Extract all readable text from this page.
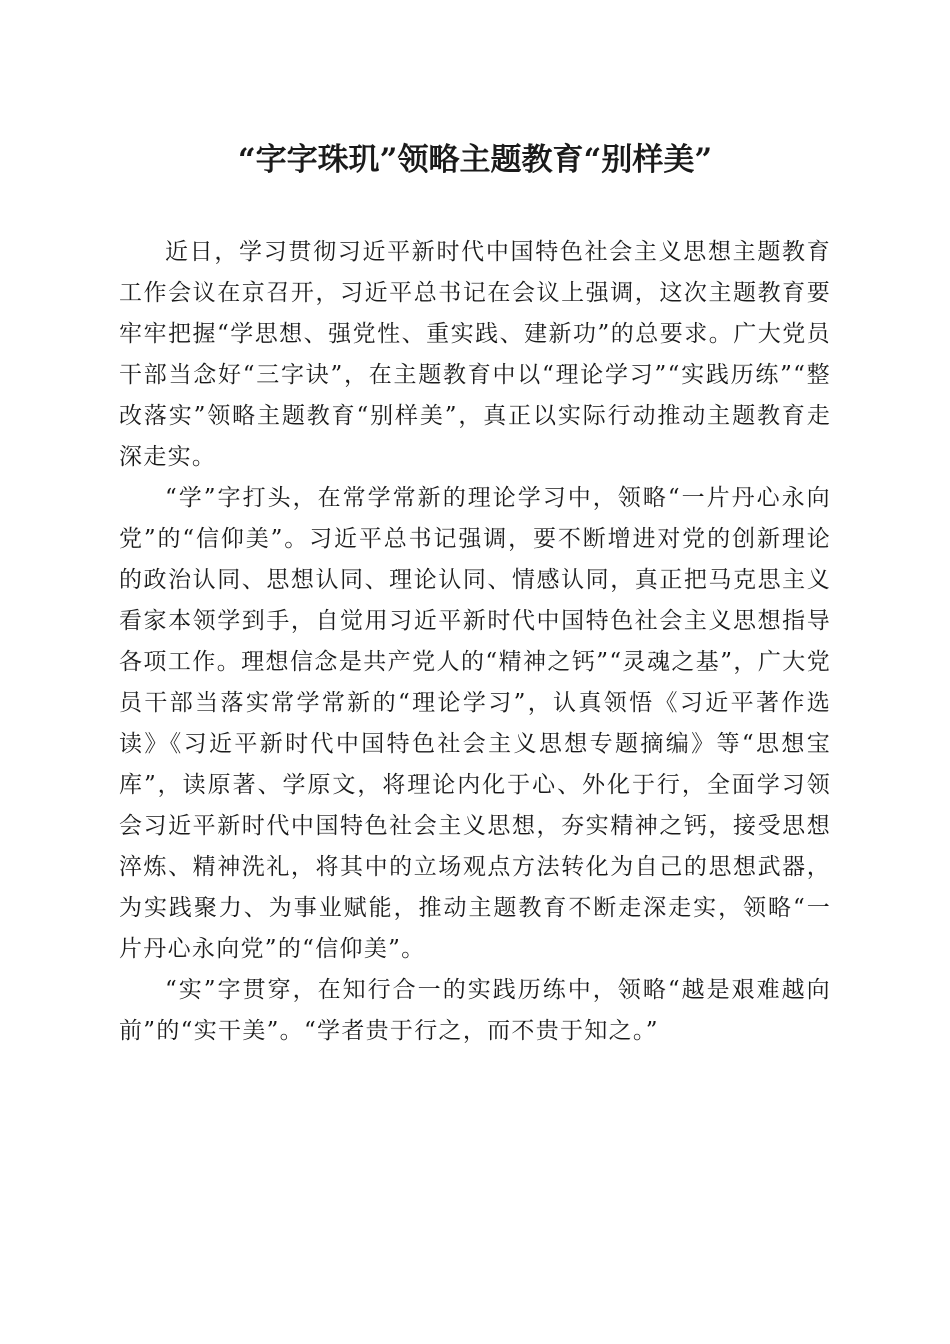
“字字珠玑”领略主题教育“别样美”

近日，学习贯彻习近平新时代中国特色社会主义思想主题教育工作会议在京召开，习近平总书记在会议上强调，这次主题教育要牢牢把握“学思想、强党性、重实践、建新功”的总要求。广大党员干部当念好“三字诀”，在主题教育中以“理论学习”“实践历练”“整改落实”领略主题教育“别样美”，真正以实际行动推动主题教育走深走实。

“学”字打头，在常学常新的理论学习中，领略“一片丹心永向党”的“信仰美”。习近平总书记强调，要不断增进对党的创新理论的政治认同、思想认同、理论认同、情感认同，真正把马克思主义看家本领学到手，自觉用习近平新时代中国特色社会主义思想指导各项工作。理想信念是共产党人的“精神之钙”“灵魂之基”，广大党员干部当落实常学常新的“理论学习”，认真领悟《习近平著作选读》《习近平新时代中国特色社会主义思想专题摘编》等“思想宝库”，读原著、学原文，将理论内化于心、外化于行，全面学习领会习近平新时代中国特色社会主义思想，夯实精神之钙，接受思想淬炼、精神洗礼，将其中的立场观点方法转化为自己的思想武器，为实践聚力、为事业赋能，推动主题教育不断走深走实，领略“一片丹心永向党”的“信仰美”。

“实”字贯穿，在知行合一的实践历练中，领略“越是艰难越向前”的“实干美”。“学者贵于行之，而不贵于知之。”
